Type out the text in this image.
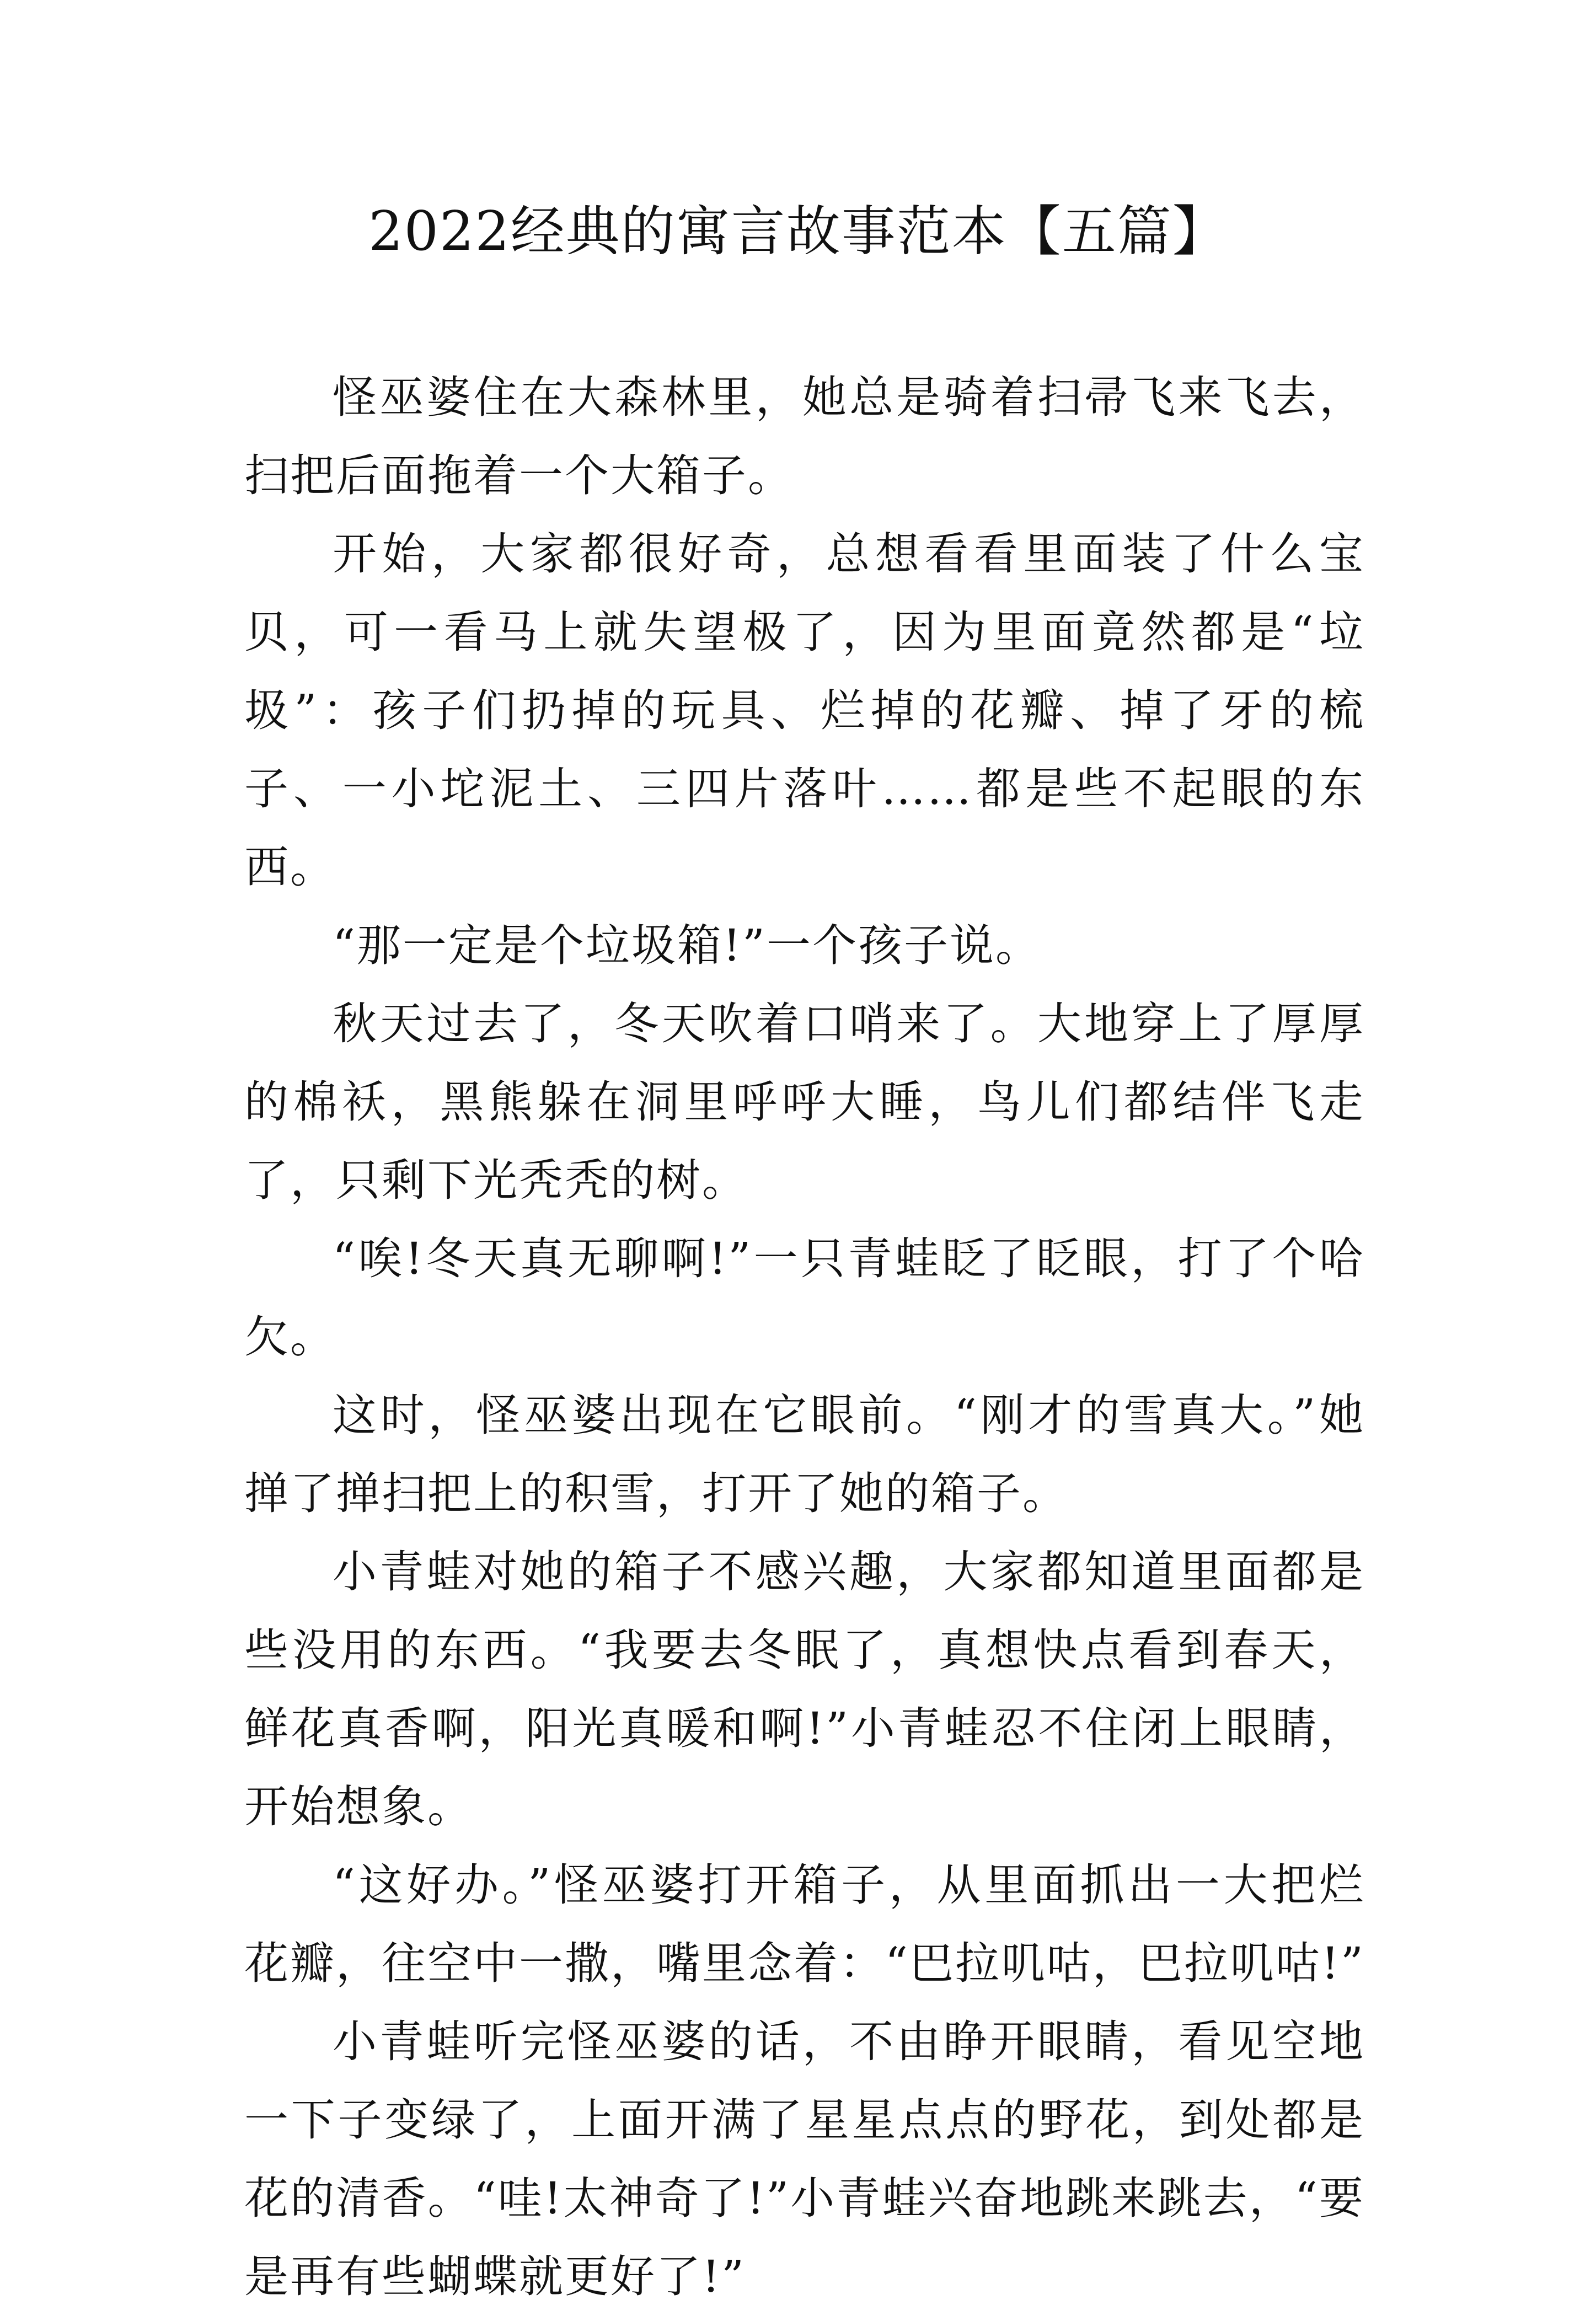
2022经典的寓言故事范本【五篇】

怪巫婆住在大森林里，她总是骑着扫帚飞来飞去，扫把后面拖着一个大箱子。

开始，大家都很好奇，总想看看里面装了什么宝贝，可一看马上就失望极了，因为里面竟然都是“垃圾”：孩子们扔掉的玩具、烂掉的花瓣、掉了牙的梳子、一小坨泥土、三四片落叶……都是些不起眼的东西。

“那一定是个垃圾箱!”一个孩子说。

秋天过去了，冬天吹着口哨来了。大地穿上了厚厚的棉袄，黑熊躲在洞里呼呼大睡，鸟儿们都结伴飞走了，只剩下光秃秃的树。

“唉!冬天真无聊啊!”一只青蛙眨了眨眼，打了个哈欠。

这时，怪巫婆出现在它眼前。“刚才的雪真大。”她掸了掸扫把上的积雪，打开了她的箱子。

小青蛙对她的箱子不感兴趣，大家都知道里面都是些没用的东西。“我要去冬眠了，真想快点看到春天，鲜花真香啊，阳光真暖和啊!”小青蛙忍不住闭上眼睛，开始想象。

“这好办。”怪巫婆打开箱子，从里面抓出一大把烂花瓣，往空中一撒，嘴里念着：“巴拉叽咕，巴拉叽咕!”

小青蛙听完怪巫婆的话，不由睁开眼睛，看见空地一下子变绿了，上面开满了星星点点的野花，到处都是花的清香。“哇!太神奇了!”小青蛙兴奋地跳来跳去，“要是再有些蝴蝶就更好了!”
